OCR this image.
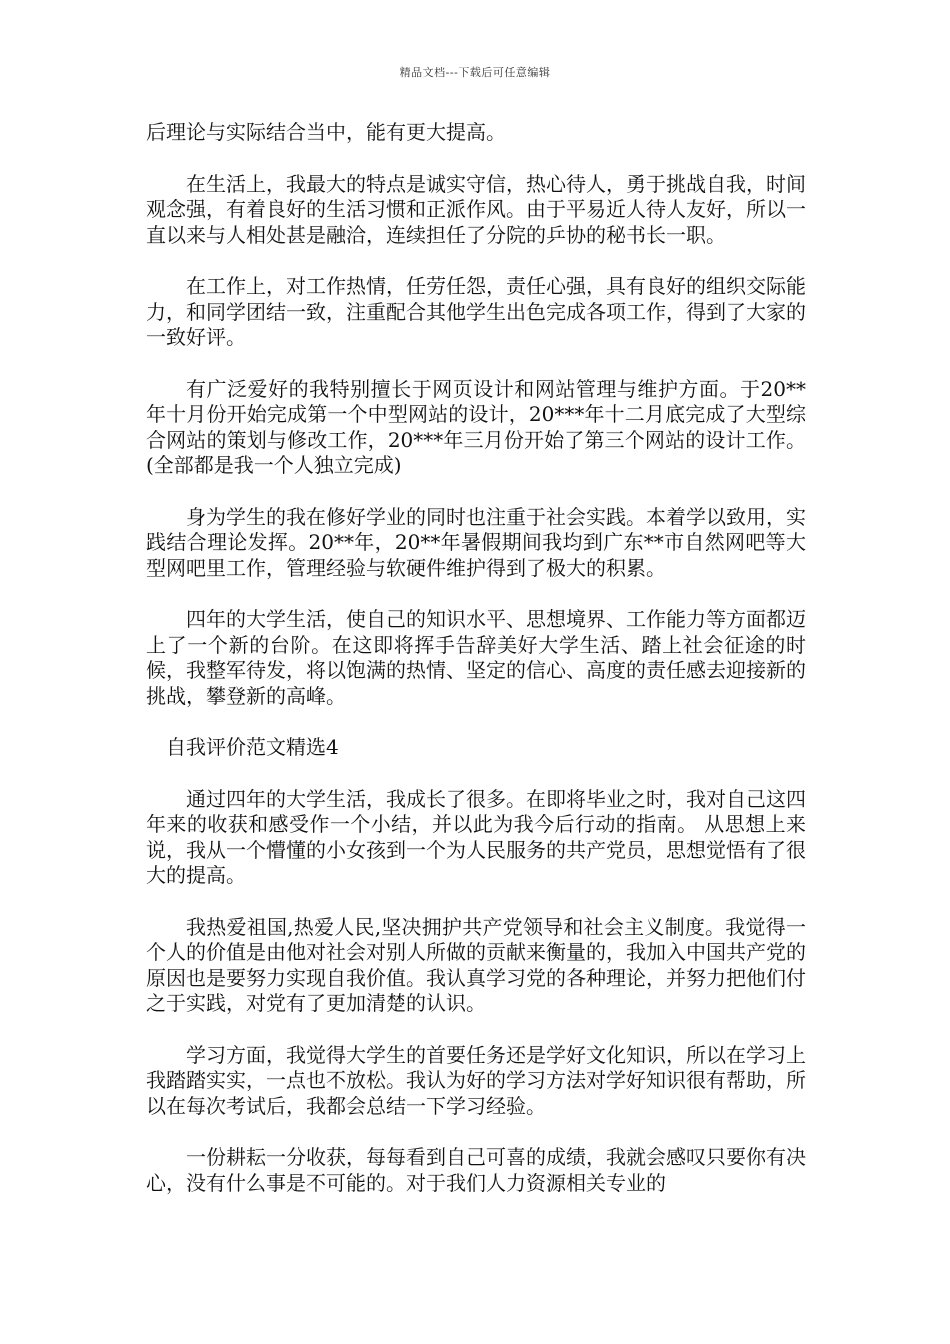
精品文档---下载后可任意编辑

后理论与实际结合当中，能有更大提高。

在生活上，我最大的特点是诚实守信，热心待人，勇于挑战自我，时间观念强，有着良好的生活习惯和正派作风。由于平易近人待人友好，所以一直以来与人相处甚是融洽，连续担任了分院的乒协的秘书长一职。

在工作上，对工作热情，任劳任怨，责任心强，具有良好的组织交际能力，和同学团结一致，注重配合其他学生出色完成各项工作，得到了大家的一致好评。

有广泛爱好的我特别擅长于网页设计和网站管理与维护方面。于20**年十月份开始完成第一个中型网站的设计，20***年十二月底完成了大型综合网站的策划与修改工作，20***年三月份开始了第三个网站的设计工作。(全部都是我一个人独立完成)

身为学生的我在修好学业的同时也注重于社会实践。本着学以致用，实践结合理论发挥。20**年，20**年暑假期间我均到广东**市自然网吧等大型网吧里工作，管理经验与软硬件维护得到了极大的积累。

四年的大学生活，使自己的知识水平、思想境界、工作能力等方面都迈上了一个新的台阶。在这即将挥手告辞美好大学生活、踏上社会征途的时候，我整军待发，将以饱满的热情、坚定的信心、高度的责任感去迎接新的挑战，攀登新的高峰。

自我评价范文精选4

通过四年的大学生活，我成长了很多。在即将毕业之时，我对自己这四年来的收获和感受作一个小结，并以此为我今后行动的指南。 从思想上来说，我从一个懵懂的小女孩到一个为人民服务的共产党员，思想觉悟有了很大的提高。

我热爱祖国,热爱人民,坚决拥护共产党领导和社会主义制度。我觉得一个人的价值是由他对社会对别人所做的贡献来衡量的，我加入中国共产党的原因也是要努力实现自我价值。我认真学习党的各种理论，并努力把他们付之于实践，对党有了更加清楚的认识。

学习方面，我觉得大学生的首要任务还是学好文化知识，所以在学习上我踏踏实实，一点也不放松。我认为好的学习方法对学好知识很有帮助，所以在每次考试后，我都会总结一下学习经验。

一份耕耘一分收获，每每看到自己可喜的成绩，我就会感叹只要你有决心，没有什么事是不可能的。对于我们人力资源相关专业的
